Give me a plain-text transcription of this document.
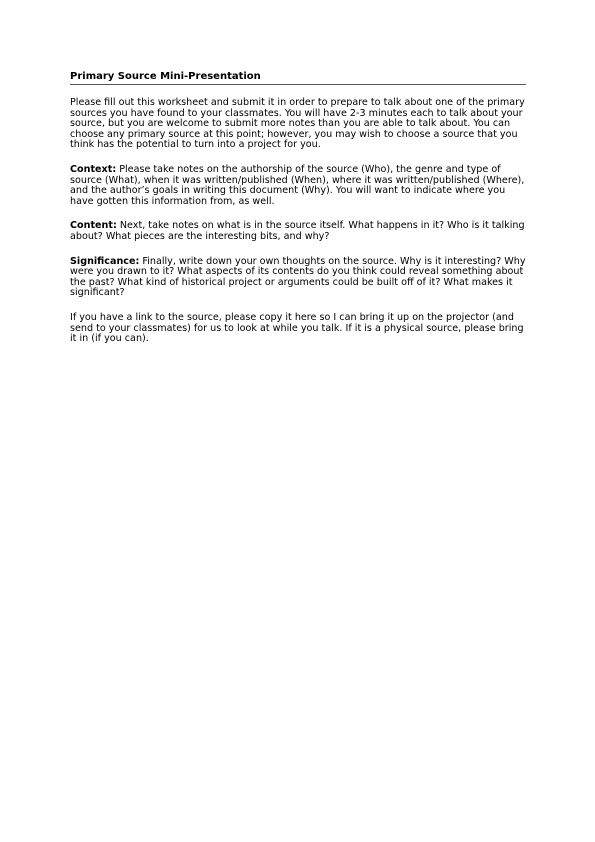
Primary Source Mini-Presentation

Please fill out this worksheet and submit it in order to prepare to talk about one of the primary sources you have found to your classmates. You will have 2-3 minutes each to talk about your source, but you are welcome to submit more notes than you are able to talk about. You can choose any primary source at this point; however, you may wish to choose a source that you think has the potential to turn into a project for you.

Context: Please take notes on the authorship of the source (Who), the genre and type of source (What), when it was written/published (When), where it was written/published (Where), and the author’s goals in writing this document (Why). You will want to indicate where you have gotten this information from, as well.

Content: Next, take notes on what is in the source itself. What happens in it? Who is it talking about? What pieces are the interesting bits, and why?

Significance: Finally, write down your own thoughts on the source. Why is it interesting? Why were you drawn to it? What aspects of its contents do you think could reveal something about the past? What kind of historical project or arguments could be built off of it? What makes it significant?

If you have a link to the source, please copy it here so I can bring it up on the projector (and send to your classmates) for us to look at while you talk. If it is a physical source, please bring it in (if you can).
